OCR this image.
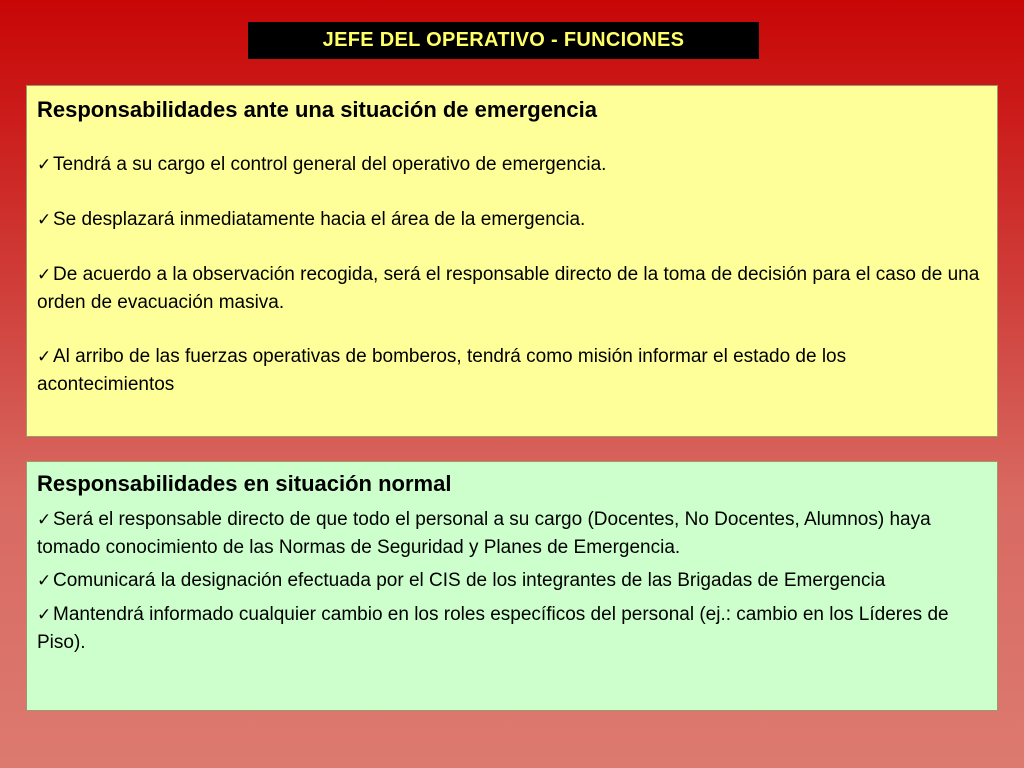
JEFE DEL OPERATIVO - FUNCIONES

Responsabilidades ante una situación de emergencia

✓Tendrá a su cargo el control general del operativo de emergencia.

✓Se desplazará inmediatamente hacia el área de la emergencia.

✓De acuerdo a la observación recogida, será el responsable directo de la toma de decisión para el caso de una orden de evacuación masiva.

✓Al arribo de las fuerzas operativas de bomberos, tendrá como misión informar el estado de los acontecimientos

Responsabilidades en situación normal

✓Será el responsable directo de que todo el personal a su cargo (Docentes, No Docentes, Alumnos) haya tomado conocimiento de las Normas de Seguridad y Planes de Emergencia.

✓Comunicará la designación efectuada por el CIS de los integrantes de las Brigadas de Emergencia

✓Mantendrá informado cualquier cambio en los roles específicos del personal (ej.: cambio en los Líderes de Piso).
